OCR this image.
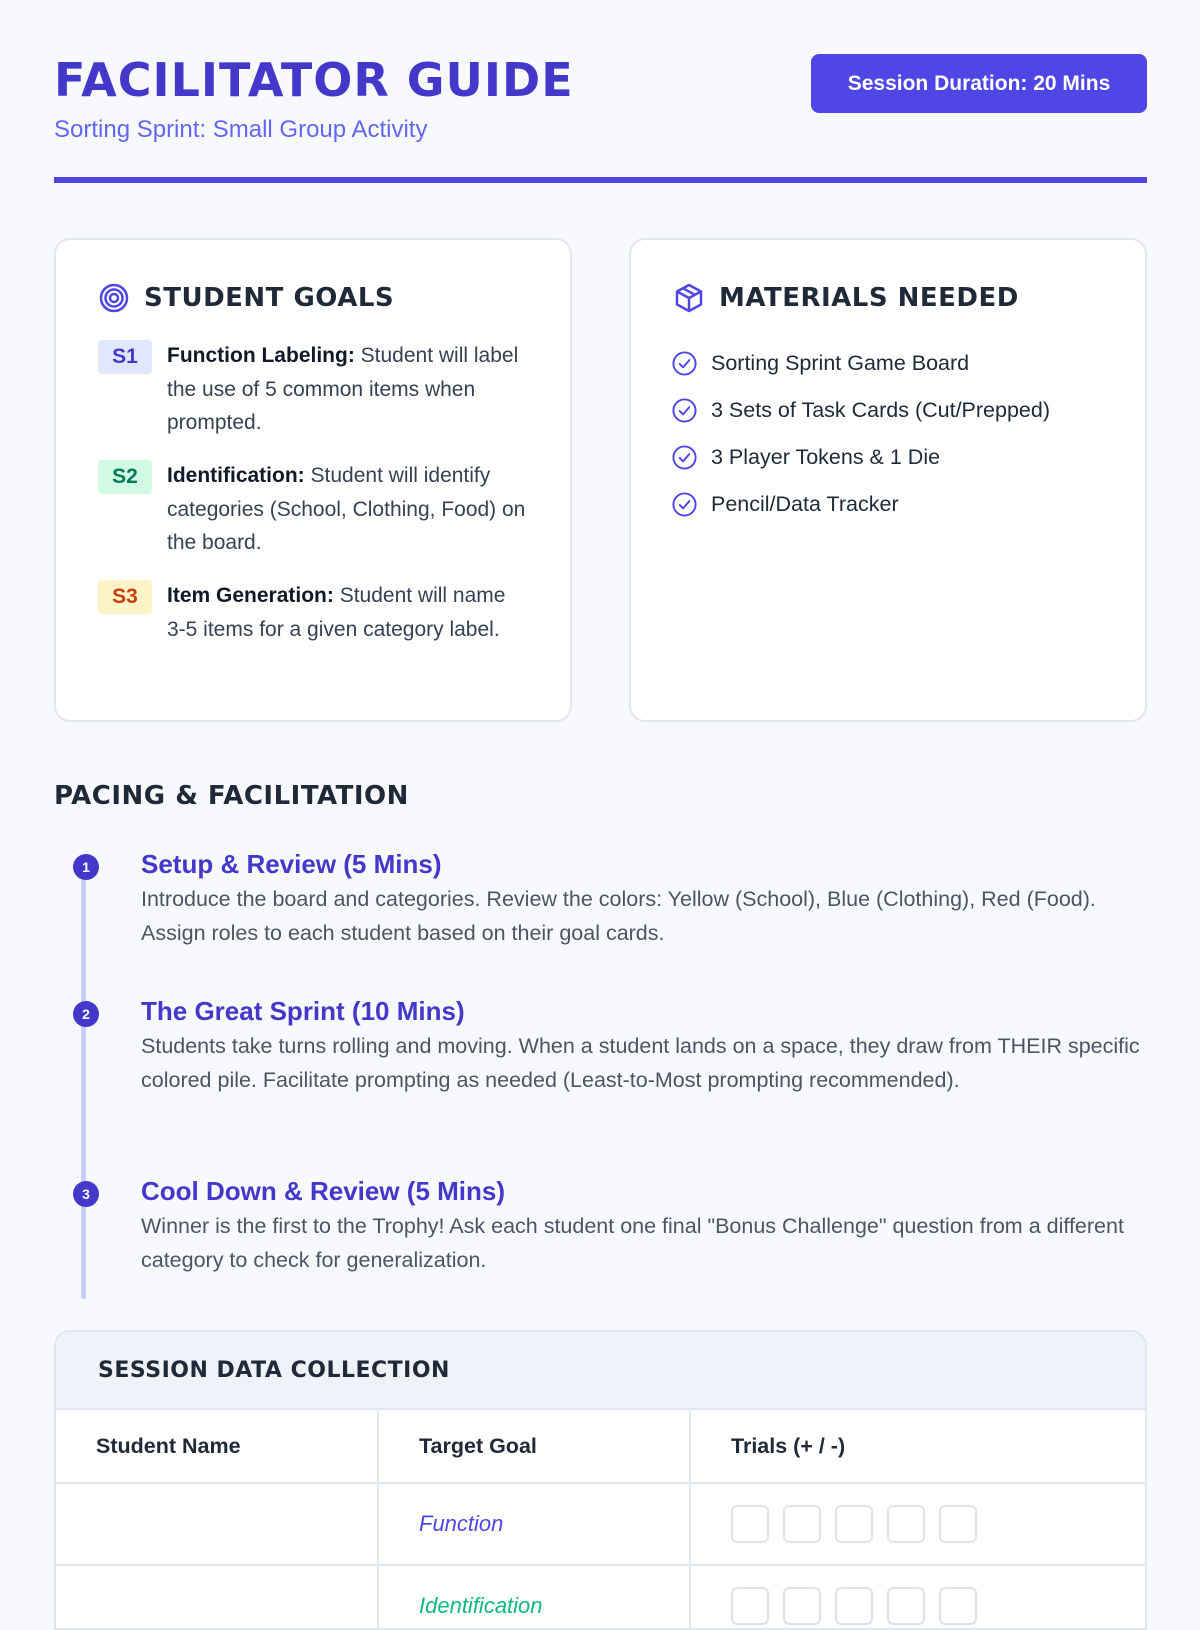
FACILITATOR GUIDE

Sorting Sprint: Small Group Activity

Session Duration: 20 Mins
STUDENT GOALS
S1	Function Labeling: Student will label the use of 5 common items when prompted.
S2	Identification: Student will identify categories (School, Clothing, Food) on the board.
S3	Item Generation: Student will name 3-5 items for a given category label.
MATERIALS NEEDED
Sorting Sprint Game Board
3 Sets of Task Cards (Cut/Prepped)
3 Player Tokens & 1 Die
Pencil/Data Tracker
PACING & FACILITATION
1	Setup & Review (5 Mins)

Introduce the board and categories. Review the colors: Yellow (School), Blue (Clothing), Red (Food). Assign roles to each student based on their goal cards.

2	The Great Sprint (10 Mins)

Students take turns rolling and moving. When a student lands on a space, they draw from THEIR specific colored pile. Facilitate prompting as needed (Least-to-Most prompting recommended).

3	Cool Down & Review (5 Mins)

Winner is the first to the Trophy! Ask each student one final "Bonus Challenge" question from a different category to check for generalization.

SESSION DATA COLLECTION
Student Name	Target Goal	Trials (+ / -)
	Function	

	Identification	
